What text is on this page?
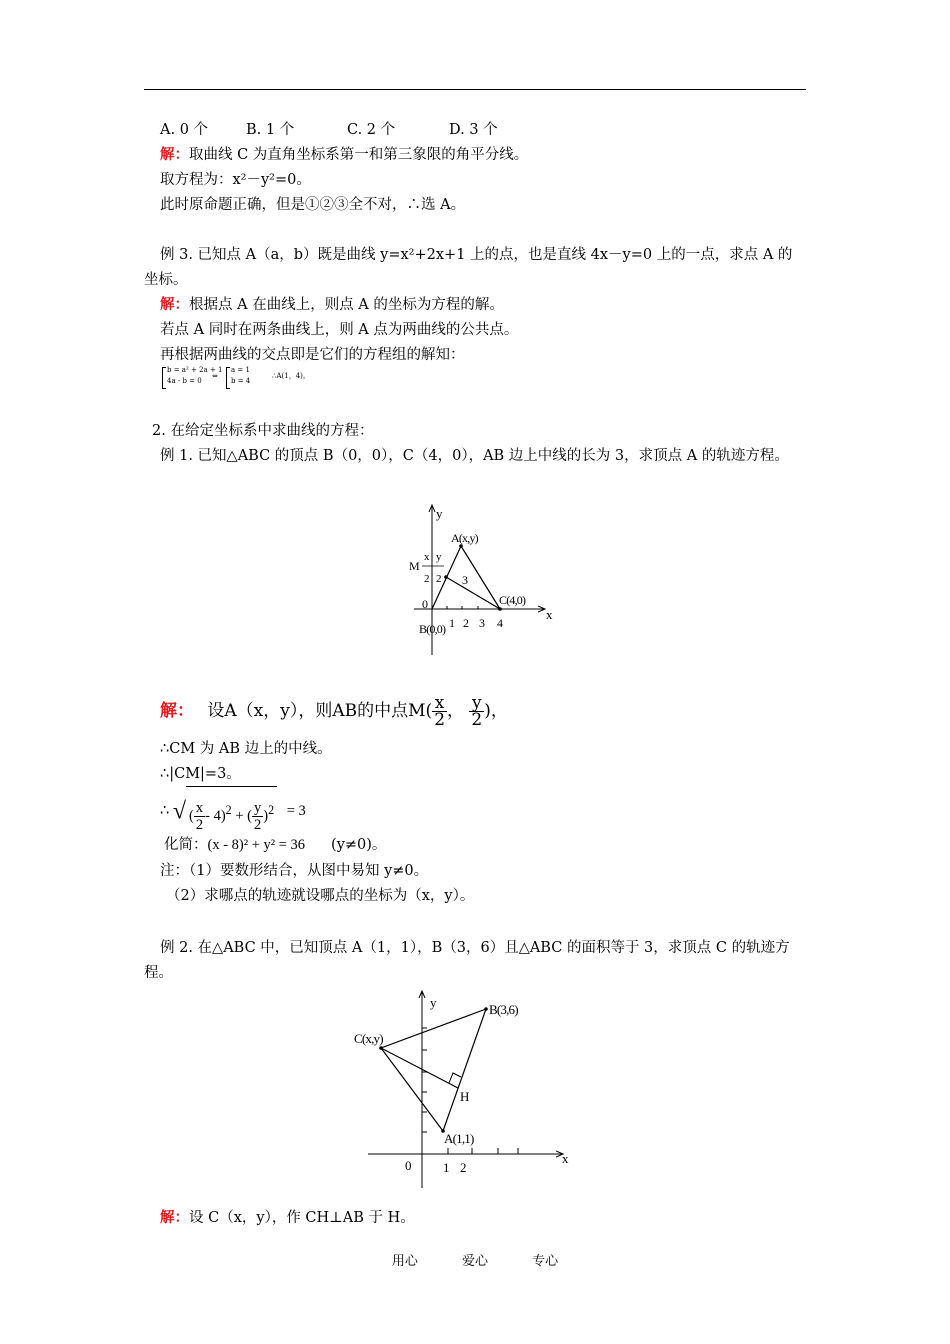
A. 0 个	B. 1 个	C. 2 个	D. 3 个
解：取曲线 C 为直角坐标系第一和第三象限的角平分线。
取方程为：x²－y²=0。
此时原命题正确，但是①②③全不对，∴选 A。
例 3. 已知点 A（a，b）既是曲线 y=x²+2x+1 上的点，也是直线 4x－y=0 上的一点，求点 A 的
坐标。
解：根据点 A 在曲线上，则点 A 的坐标为方程的解。
若点 A 同时在两条曲线上，则 A 点为两曲线的公共点。
再根据两曲线的交点即是它们的方程组的解知：
b = a² + 2a + 1
4a - b = 0
⇔
a = 1
b = 4
∴A(1，4)。
2. 在给定坐标系中求曲线的方程：
例 1. 已知△ABC 的顶点 B（0，0），C（4，0），AB 边上中线的长为 3，求顶点 A 的轨迹方程。
y
x
A(x,y)
M
x y
2 2 3
C(4,0)
0
B(0,0) 1 2 3 4
解： 设A（x，y），则AB的中点$M( \frac{x}{2}$ ， $\frac{y}{2}$ )，
∴CM 为 AB 边上的中线。
∴|CM|=3。
∴ √ ( $\frac{x}{2} - 4)^2$ + ( $\frac{y}{2} )^2 = 3$
化简：(x - 8)² + y² = 36 (y≠0)。
注：（1）要数形结合，从图中易知 y≠0。
（2）求哪点的轨迹就设哪点的坐标为（x，y）。
例 2. 在△ABC 中，已知顶点 A（1，1），B（3，6）且△ABC 的面积等于 3，求顶点 C 的轨迹方
程。
y
x
B(3,6)
C(x,y)
H
A(1,1)
0 1 2
解：设 C（x，y），作 CH⊥AB 于 H。
用心	爱心	专心
